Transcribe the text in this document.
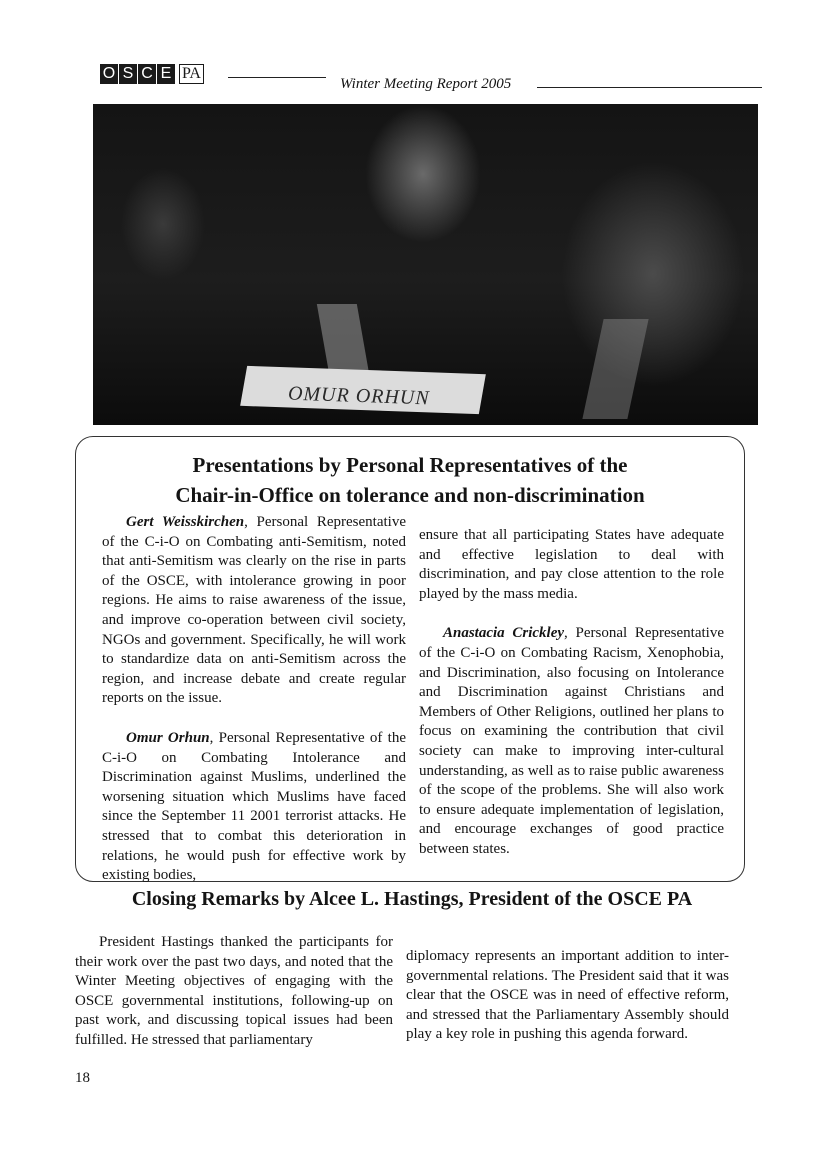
O S C E PA
Winter Meeting Report 2005
OMUR ORHUN
Presentations by Personal Representatives of the
Chair-in-Office on tolerance and non-discrimination

Gert Weisskirchen, Personal Representative of the C-i-O on Combating anti-Semitism, noted that anti-Semitism was clearly on the rise in parts of the OSCE, with intolerance growing in poor regions. He aims to raise awareness of the issue, and improve co-operation between civil society, NGOs and government. Specifically, he will work to standardize data on anti-Semitism across the region, and increase debate and create regular reports on the issue.

Omur Orhun, Personal Representative of the C-i-O on Combating Intolerance and Discrimination against Muslims, underlined the worsening situation which Muslims have faced since the September 11 2001 terrorist attacks. He stressed that to combat this deterioration in relations, he would push for effective work by existing bodies,

ensure that all participating States have adequate and effective legislation to deal with discrimination, and pay close attention to the role played by the mass media.

Anastacia Crickley, Personal Representative of the C-i-O on Combating Racism, Xenophobia, and Discrimination, also focusing on Intolerance and Discrimination against Christians and Members of Other Religions, outlined her plans to focus on examining the contribution that civil society can make to improving inter-cultural understanding, as well as to raise public awareness of the scope of the problems. She will also work to ensure adequate implementation of legislation, and encourage exchanges of good practice between states.

Closing Remarks by Alcee L. Hastings, President of the OSCE PA

President Hastings thanked the participants for their work over the past two days, and noted that the Winter Meeting objectives of engaging with the OSCE governmental institutions, following-up on past work, and discussing topical issues had been fulfilled. He stressed that parliamentary

diplomacy represents an important addition to inter-governmental relations. The President said that it was clear that the OSCE was in need of effective reform, and stressed that the Parliamentary Assembly should play a key role in pushing this agenda forward.

18
